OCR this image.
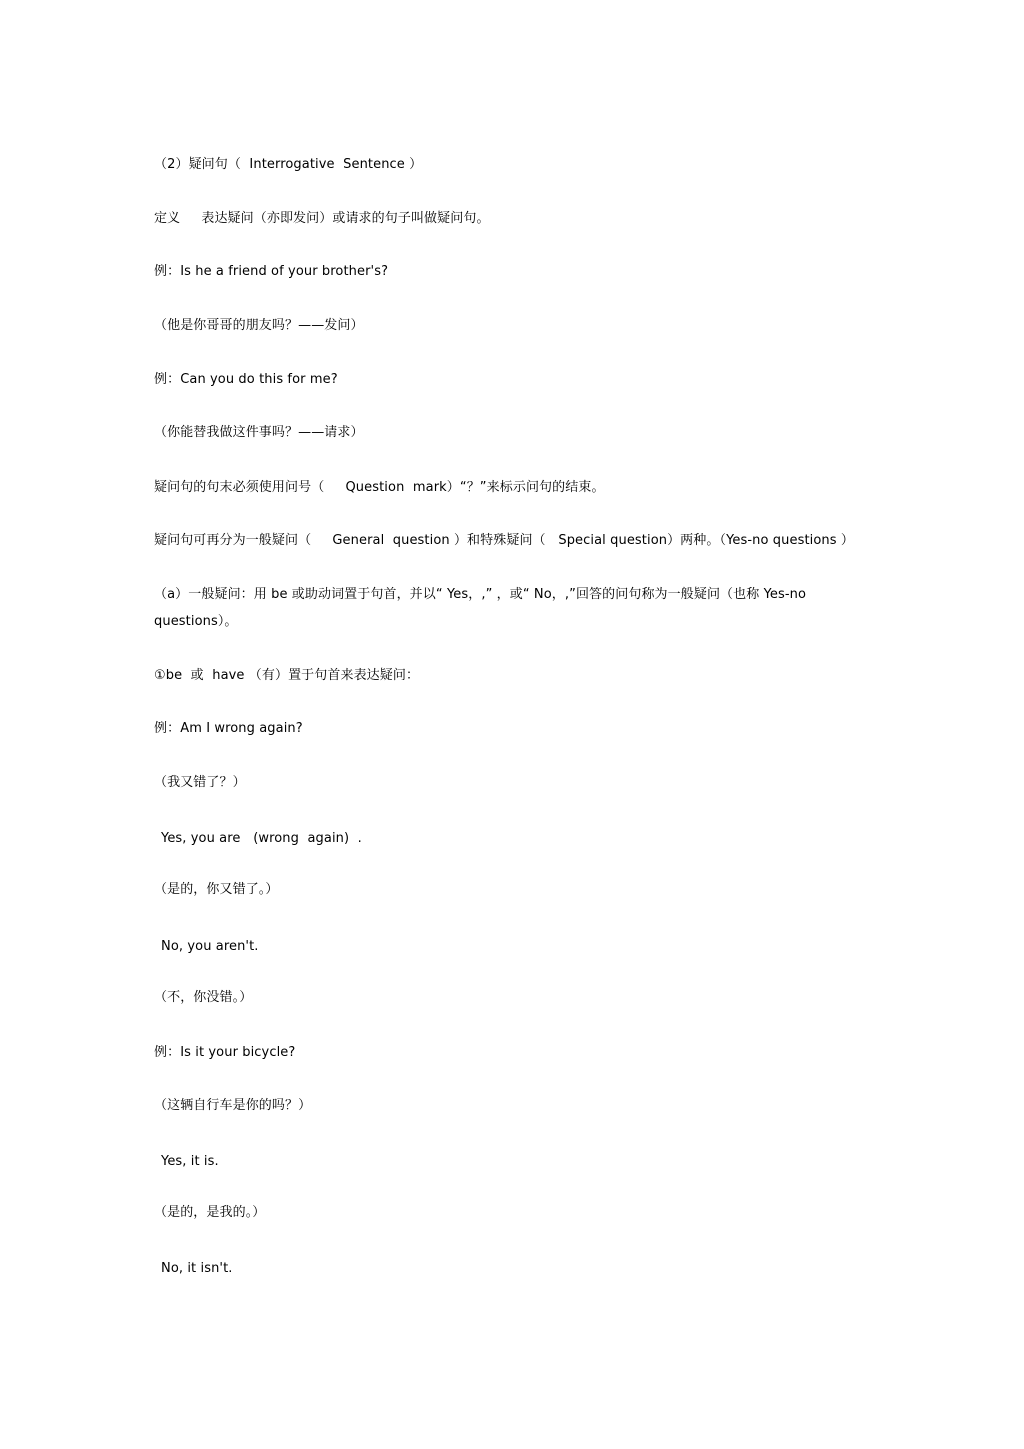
（2）疑问句（  Interrogative  Sentence ）
定义     表达疑问（亦即发问）或请求的句子叫做疑问句。
例：Is he a friend of your brother's?
（他是你哥哥的朋友吗？——发问）
例：Can you do this for me?
（你能替我做这件事吗？——请求）
疑问句的句末必须使用问号（     Question  mark）“？”来标示问句的结束。
疑问句可再分为一般疑问（     General  question ）和特殊疑问（   Special question）两种。（Yes-no questions ）
（a）一般疑问：用 be 或助动词置于句首，并以“ Yes，,” ，或“ No，,”回答的问句称为一般疑问（也称 Yes-no questions）。
①be  或  have （有）置于句首来表达疑问：
例：Am I wrong again?
（我又错了？）
Yes, you are   (wrong  again)  .
（是的，你又错了。）
No, you aren't.
（不，你没错。）
例：Is it your bicycle?
（这辆自行车是你的吗？）
Yes, it is.
（是的，是我的。）
No, it isn't.
